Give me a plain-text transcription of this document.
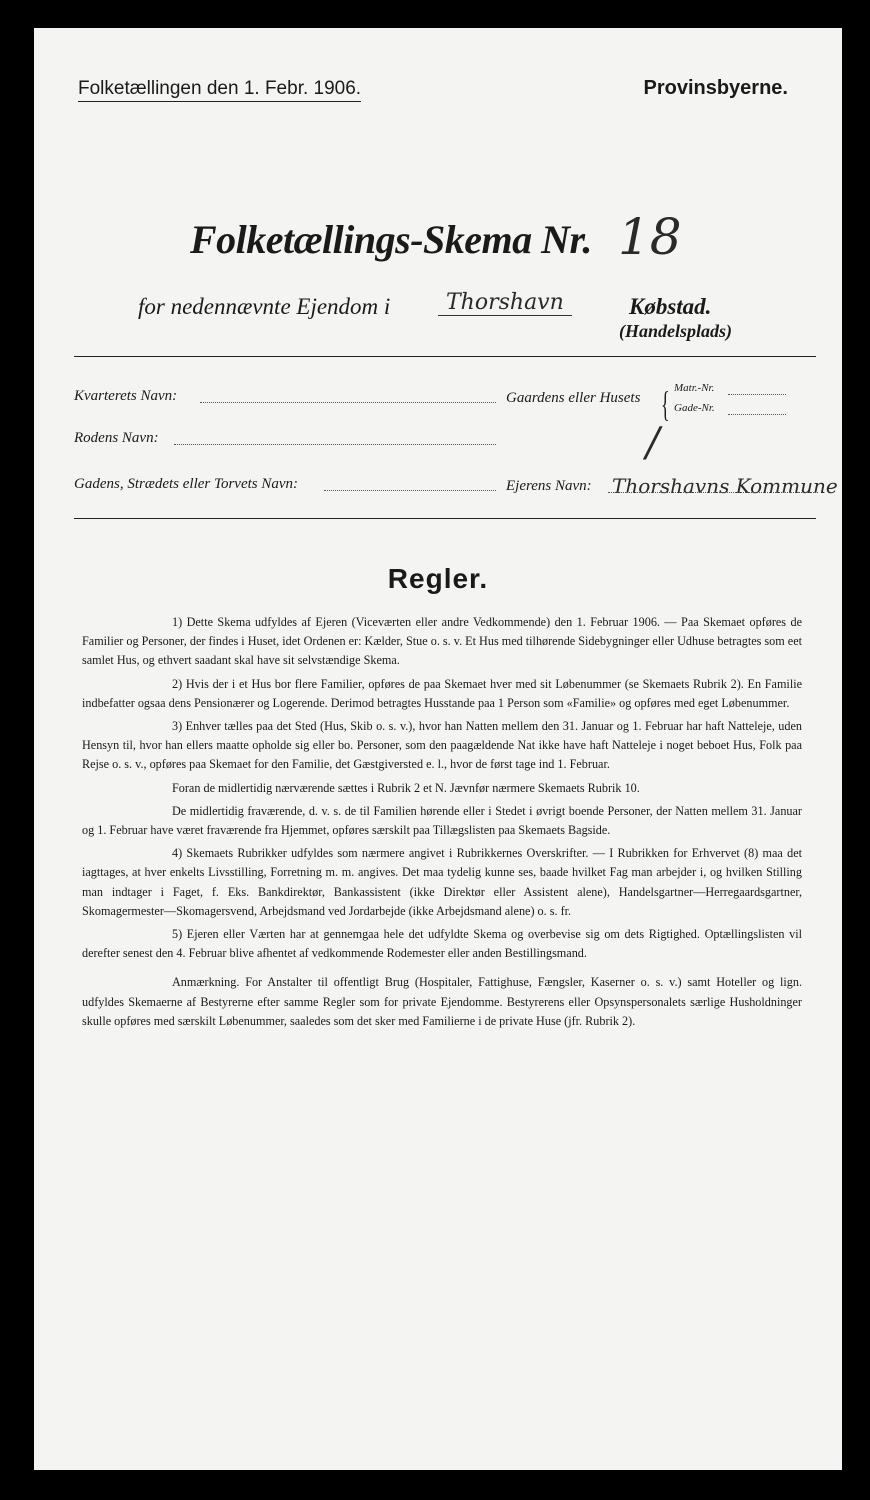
Folketællingen den 1. Febr. 1906.	Provinsbyerne.
Folketællings-Skema Nr. 18
for nedennævnte Ejendom i	Thorshavn	Købstad.
(Handelsplads)
Kvarterets Navn:	Gaardens eller Husets { Matr.-Nr.
Gade-Nr.
Rodens Navn:	/
Gadens, Strædets eller Torvets Navn:	Ejerens Navn: Thorshavns Kommune
Regler.

1) Dette Skema udfyldes af Ejeren (Viceværten eller andre Vedkommende) den 1. Februar 1906. — Paa Skemaet opføres de Familier og Personer, der findes i Huset, idet Ordenen er: Kælder, Stue o. s. v. Et Hus med tilhørende Sidebygninger eller Udhuse betragtes som eet samlet Hus, og ethvert saadant skal have sit selvstændige Skema.

2) Hvis der i et Hus bor flere Familier, opføres de paa Skemaet hver med sit Løbenummer (se Skemaets Rubrik 2). En Familie indbefatter ogsaa dens Pensionærer og Logerende. Derimod betragtes Husstande paa 1 Person som «Familie» og opføres med eget Løbenummer.

3) Enhver tælles paa det Sted (Hus, Skib o. s. v.), hvor han Natten mellem den 31. Januar og 1. Februar har haft Natteleje, uden Hensyn til, hvor han ellers maatte opholde sig eller bo. Personer, som den paagældende Nat ikke have haft Natteleje i noget beboet Hus, Folk paa Rejse o. s. v., opføres paa Skemaet for den Familie, det Gæstgiversted e. l., hvor de først tage ind 1. Februar.

Foran de midlertidig nærværende sættes i Rubrik 2 et N. Jævnfør nærmere Skemaets Rubrik 10.

De midlertidig fraværende, d. v. s. de til Familien hørende eller i Stedet i øvrigt boende Personer, der Natten mellem 31. Januar og 1. Februar have været fraværende fra Hjemmet, opføres særskilt paa Tillægslisten paa Skemaets Bagside.

4) Skemaets Rubrikker udfyldes som nærmere angivet i Rubrikkernes Overskrifter. — I Rubrikken for Erhvervet (8) maa det iagttages, at hver enkelts Livsstilling, Forretning m. m. angives. Det maa tydelig kunne ses, baade hvilket Fag man arbejder i, og hvilken Stilling man indtager i Faget, f. Eks. Bankdirektør, Bankassistent (ikke Direktør eller Assistent alene), Handelsgartner—Herregaardsgartner, Skomagermester—Skomagersvend, Arbejdsmand ved Jordarbejde (ikke Arbejdsmand alene) o. s. fr.

5) Ejeren eller Værten har at gennemgaa hele det udfyldte Skema og overbevise sig om dets Rigtighed. Optællingslisten vil derefter senest den 4. Februar blive afhentet af vedkommende Rodemester eller anden Bestillingsmand.

Anmærkning. For Anstalter til offentligt Brug (Hospitaler, Fattighuse, Fængsler, Kaserner o. s. v.) samt Hoteller og lign. udfyldes Skemaerne af Bestyrerne efter samme Regler som for private Ejendomme. Bestyrerens eller Opsynspersonalets særlige Husholdninger skulle opføres med særskilt Løbenummer, saaledes som det sker med Familierne i de private Huse (jfr. Rubrik 2).
